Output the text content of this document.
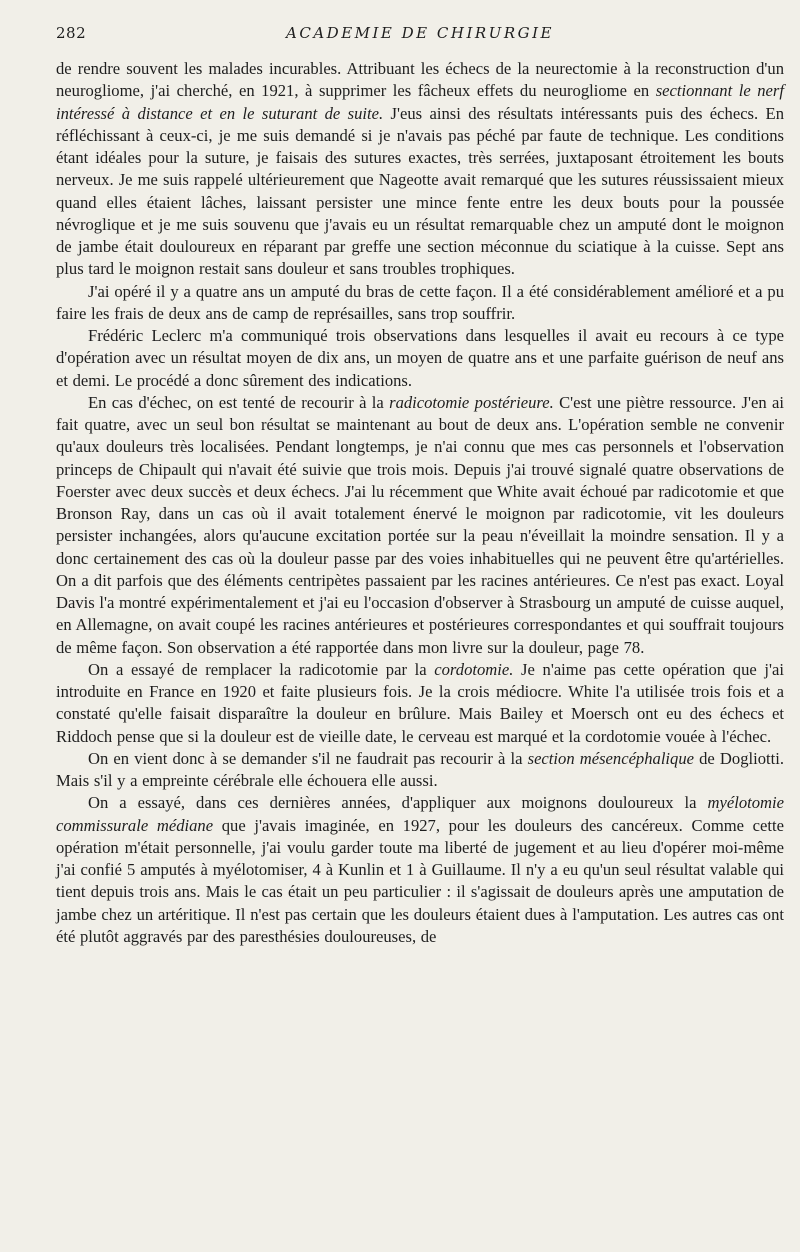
282	ACADEMIE DE CHIRURGIE

de rendre souvent les malades incurables. Attribuant les échecs de la neurectomie à la reconstruction d'un neurogliome, j'ai cherché, en 1921, à supprimer les fâcheux effets du neurogliome en sectionnant le nerf intéressé à distance et en le suturant de suite. J'eus ainsi des résultats intéressants puis des échecs. En réfléchissant à ceux-ci, je me suis demandé si je n'avais pas péché par faute de technique. Les conditions étant idéales pour la suture, je faisais des sutures exactes, très serrées, juxtaposant étroitement les bouts nerveux. Je me suis rappelé ultérieurement que Nageotte avait remarqué que les sutures réussissaient mieux quand elles étaient lâches, laissant persister une mince fente entre les deux bouts pour la poussée névroglique et je me suis souvenu que j'avais eu un résultat remarquable chez un amputé dont le moignon de jambe était douloureux en réparant par greffe une section méconnue du sciatique à la cuisse. Sept ans plus tard le moignon restait sans douleur et sans troubles trophiques.

J'ai opéré il y a quatre ans un amputé du bras de cette façon. Il a été considérablement amélioré et a pu faire les frais de deux ans de camp de représailles, sans trop souffrir.

Frédéric Leclerc m'a communiqué trois observations dans lesquelles il avait eu recours à ce type d'opération avec un résultat moyen de dix ans, un moyen de quatre ans et une parfaite guérison de neuf ans et demi. Le procédé a donc sûrement des indications.

En cas d'échec, on est tenté de recourir à la radicotomie postérieure. C'est une piètre ressource. J'en ai fait quatre, avec un seul bon résultat se maintenant au bout de deux ans. L'opération semble ne convenir qu'aux douleurs très localisées. Pendant longtemps, je n'ai connu que mes cas personnels et l'observation princeps de Chipault qui n'avait été suivie que trois mois. Depuis j'ai trouvé signalé quatre observations de Foerster avec deux succès et deux échecs. J'ai lu récemment que White avait échoué par radicotomie et que Bronson Ray, dans un cas où il avait totalement énervé le moignon par radicotomie, vit les douleurs persister inchangées, alors qu'aucune excitation portée sur la peau n'éveillait la moindre sensation. Il y a donc certainement des cas où la douleur passe par des voies inhabituelles qui ne peuvent être qu'artérielles. On a dit parfois que des éléments centripètes passaient par les racines antérieures. Ce n'est pas exact. Loyal Davis l'a montré expérimentalement et j'ai eu l'occasion d'observer à Strasbourg un amputé de cuisse auquel, en Allemagne, on avait coupé les racines antérieures et postérieures correspondantes et qui souffrait toujours de même façon. Son observation a été rapportée dans mon livre sur la douleur, page 78.

On a essayé de remplacer la radicotomie par la cordotomie. Je n'aime pas cette opération que j'ai introduite en France en 1920 et faite plusieurs fois. Je la crois médiocre. White l'a utilisée trois fois et a constaté qu'elle faisait disparaître la douleur en brûlure. Mais Bailey et Moersch ont eu des échecs et Riddoch pense que si la douleur est de vieille date, le cerveau est marqué et la cordotomie vouée à l'échec.

On en vient donc à se demander s'il ne faudrait pas recourir à la section mésencéphalique de Dogliotti. Mais s'il y a empreinte cérébrale elle échouera elle aussi.

On a essayé, dans ces dernières années, d'appliquer aux moignons douloureux la myélotomie commissurale médiane que j'avais imaginée, en 1927, pour les douleurs des cancéreux. Comme cette opération m'était personnelle, j'ai voulu garder toute ma liberté de jugement et au lieu d'opérer moi-même j'ai confié 5 amputés à myélotomiser, 4 à Kunlin et 1 à Guillaume. Il n'y a eu qu'un seul résultat valable qui tient depuis trois ans. Mais le cas était un peu particulier : il s'agissait de douleurs après une amputation de jambe chez un artéritique. Il n'est pas certain que les douleurs étaient dues à l'amputation. Les autres cas ont été plutôt aggravés par des paresthésies douloureuses, de
